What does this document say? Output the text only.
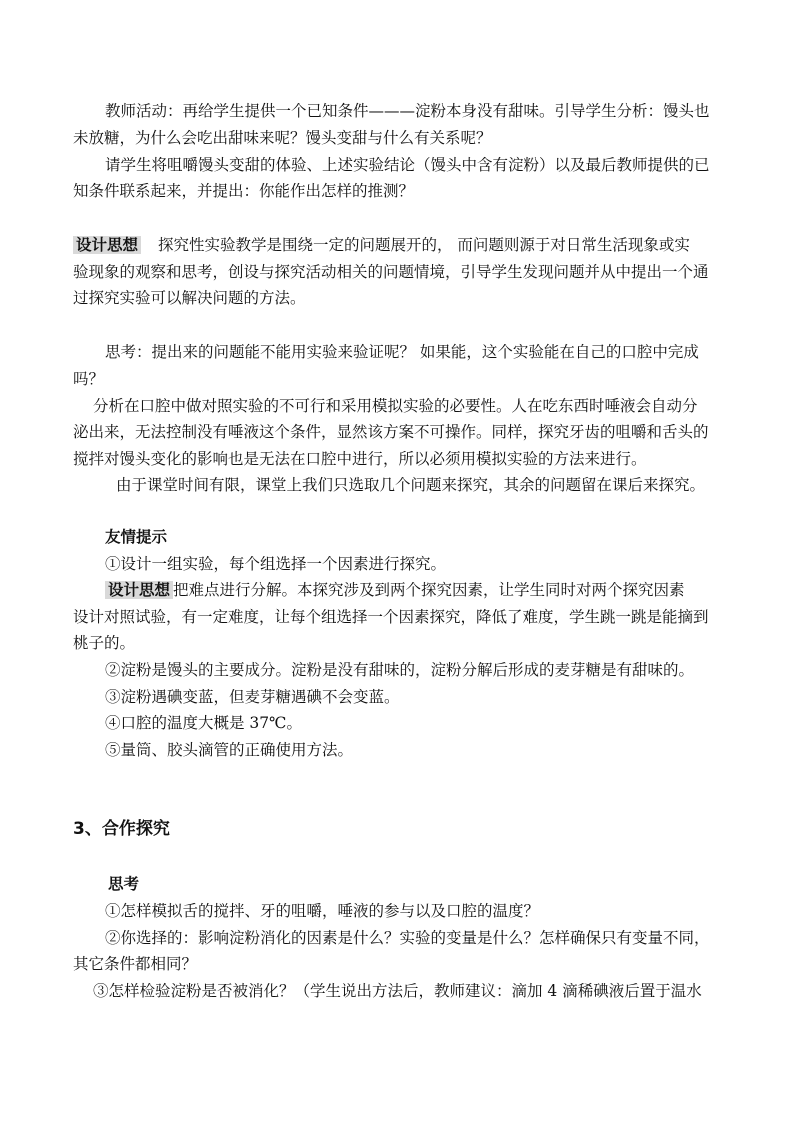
教师活动：再给学生提供一个已知条件———淀粉本身没有甜味。引导学生分析：馒头也
未放糖，为什么会吃出甜味来呢？馒头变甜与什么有关系呢？
请学生将咀嚼馒头变甜的体验、上述实验结论（馒头中含有淀粉）以及最后教师提供的已
知条件联系起来，并提出：你能作出怎样的推测？
设计思想 探究性实验教学是围绕一定的问题展开的， 而问题则源于对日常生活现象或实
验现象的观察和思考，创设与探究活动相关的问题情境，引导学生发现问题并从中提出一个通
过探究实验可以解决问题的方法。
思考：提出来的问题能不能用实验来验证呢？ 如果能，这个实验能在自己的口腔中完成
吗？
分析在口腔中做对照实验的不可行和采用模拟实验的必要性。人在吃东西时唾液会自动分
泌出来，无法控制没有唾液这个条件，显然该方案不可操作。同样，探究牙齿的咀嚼和舌头的
搅拌对馒头变化的影响也是无法在口腔中进行，所以必须用模拟实验的方法来进行。
由于课堂时间有限，课堂上我们只选取几个问题来探究，其余的问题留在课后来探究。
友情提示
①设计一组实验，每个组选择一个因素进行探究。
设计思想 把难点进行分解。本探究涉及到两个探究因素，让学生同时对两个探究因素
设计对照试验，有一定难度，让每个组选择一个因素探究，降低了难度，学生跳一跳是能摘到
桃子的。
②淀粉是馒头的主要成分。淀粉是没有甜味的，淀粉分解后形成的麦芽糖是有甜味的。
③淀粉遇碘变蓝，但麦芽糖遇碘不会变蓝。
④口腔的温度大概是 37℃。
⑤量筒、胶头滴管的正确使用方法。
3、合作探究
思考
①怎样模拟舌的搅拌、牙的咀嚼，唾液的参与以及口腔的温度？
②你选择的：影响淀粉消化的因素是什么？实验的变量是什么？怎样确保只有变量不同，
其它条件都相同？
③怎样检验淀粉是否被消化？（学生说出方法后，教师建议：滴加 4 滴稀碘液后置于温水
